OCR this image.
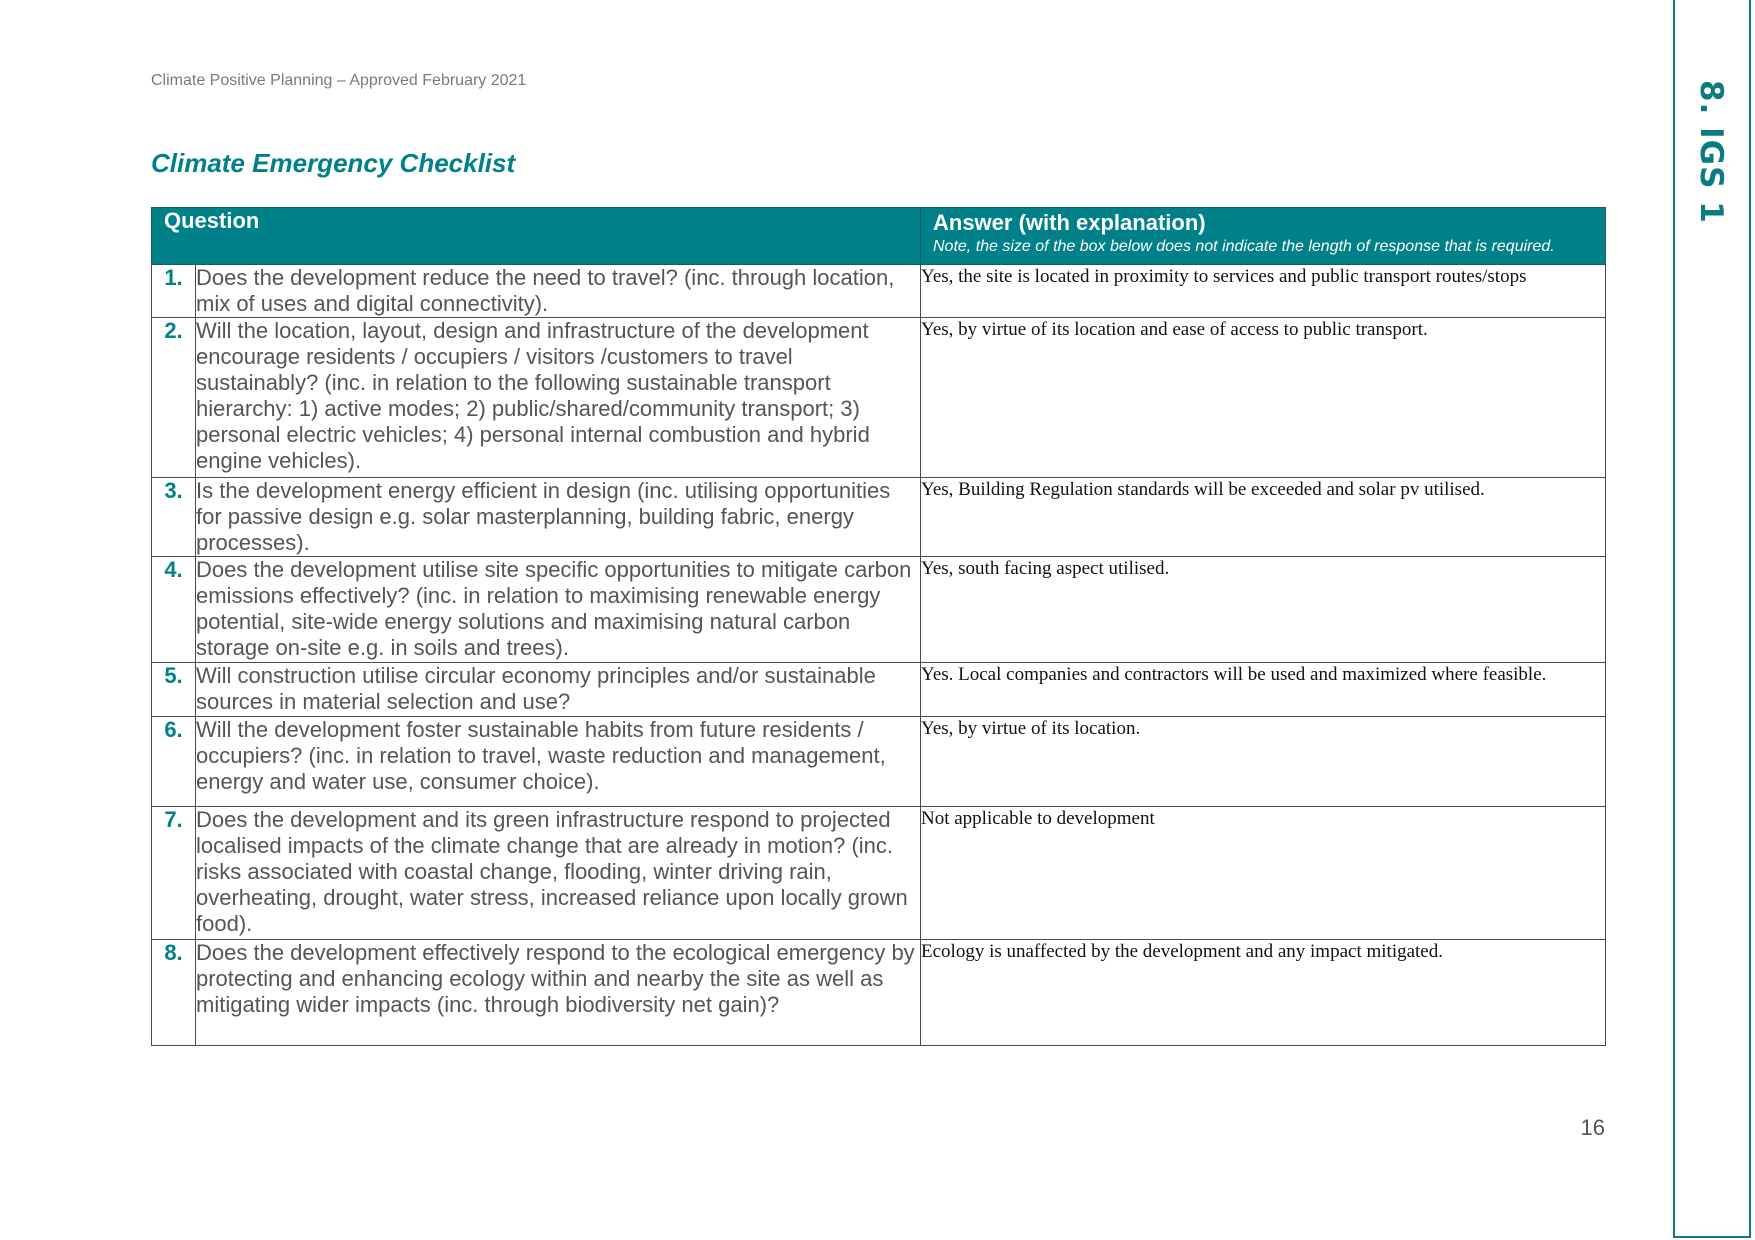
Climate Positive Planning – Approved February 2021
Climate Emergency Checklist	8. IGS 1
Question		Answer (with explanation)
Note, the size of the box below does not indicate the length of response that is required.

1.	Does the development reduce the need to travel? (inc. through location, mix of uses and digital connectivity).	Yes, the site is located in proximity to services and public transport routes/stops
2.	Will the location, layout, design and infrastructure of the development encourage residents / occupiers / visitors /customers to travel sustainably? (inc. in relation to the following sustainable transport hierarchy: 1) active modes; 2) public/shared/community transport; 3) personal electric vehicles; 4) personal internal combustion and hybrid engine vehicles).	Yes, by virtue of its location and ease of access to public transport.
3.	Is the development energy efficient in design (inc. utilising opportunities for passive design e.g. solar masterplanning, building fabric, energy processes).	Yes, Building Regulation standards will be exceeded and solar pv utilised.
4.	Does the development utilise site specific opportunities to mitigate carbon emissions effectively? (inc. in relation to maximising renewable energy potential, site-wide energy solutions and maximising natural carbon storage on-site e.g. in soils and trees).	Yes, south facing aspect utilised.
5.	Will construction utilise circular economy principles and/or sustainable sources in material selection and use?	Yes. Local companies and contractors will be used and maximized where feasible.
6.	Will the development foster sustainable habits from future residents / occupiers? (inc. in relation to travel, waste reduction and management, energy and water use, consumer choice).	Yes, by virtue of its location.
7.	Does the development and its green infrastructure respond to projected localised impacts of the climate change that are already in motion? (inc. risks associated with coastal change, flooding, winter driving rain, overheating, drought, water stress, increased reliance upon locally grown food).	Not applicable to development
8.	Does the development effectively respond to the ecological emergency by protecting and enhancing ecology within and nearby the site as well as mitigating wider impacts (inc. through biodiversity net gain)?	Ecology is unaffected by the development and any impact mitigated.
16
